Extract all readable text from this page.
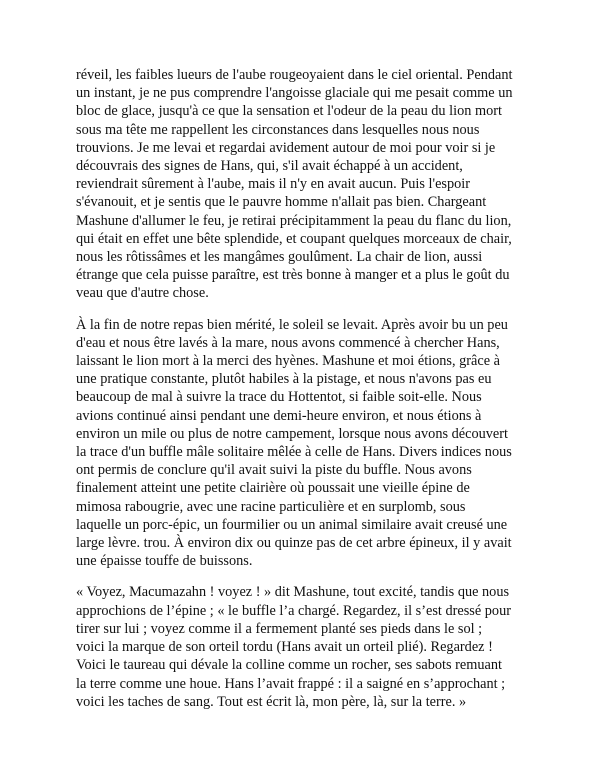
réveil, les faibles lueurs de l'aube rougeoyaient dans le ciel oriental. Pendant
un instant, je ne pus comprendre l'angoisse glaciale qui me pesait comme un
bloc de glace, jusqu'à ce que la sensation et l'odeur de la peau du lion mort
sous ma tête me rappellent les circonstances dans lesquelles nous nous
trouvions. Je me levai et regardai avidement autour de moi pour voir si je
découvrais des signes de Hans, qui, s'il avait échappé à un accident,
reviendrait sûrement à l'aube, mais il n'y en avait aucun. Puis l'espoir
s'évanouit, et je sentis que le pauvre homme n'allait pas bien. Chargeant
Mashune d'allumer le feu, je retirai précipitamment la peau du flanc du lion,
qui était en effet une bête splendide, et coupant quelques morceaux de chair,
nous les rôtissâmes et les mangâmes goulûment. La chair de lion, aussi
étrange que cela puisse paraître, est très bonne à manger et a plus le goût du
veau que d'autre chose.

À la fin de notre repas bien mérité, le soleil se levait. Après avoir bu un peu
d'eau et nous être lavés à la mare, nous avons commencé à chercher Hans,
laissant le lion mort à la merci des hyènes. Mashune et moi étions, grâce à
une pratique constante, plutôt habiles à la pistage, et nous n'avons pas eu
beaucoup de mal à suivre la trace du Hottentot, si faible soit-elle. Nous
avions continué ainsi pendant une demi-heure environ, et nous étions à
environ un mile ou plus de notre campement, lorsque nous avons découvert
la trace d'un buffle mâle solitaire mêlée à celle de Hans. Divers indices nous
ont permis de conclure qu'il avait suivi la piste du buffle. Nous avons
finalement atteint une petite clairière où poussait une vieille épine de
mimosa rabougrie, avec une racine particulière et en surplomb, sous
laquelle un porc-épic, un fourmilier ou un animal similaire avait creusé une
large lèvre. trou. À environ dix ou quinze pas de cet arbre épineux, il y avait
une épaisse touffe de buissons.

« Voyez, Macumazahn ! voyez ! » dit Mashune, tout excité, tandis que nous
approchions de l’épine ; « le buffle l’a chargé. Regardez, il s’est dressé pour
tirer sur lui ; voyez comme il a fermement planté ses pieds dans le sol ;
voici la marque de son orteil tordu (Hans avait un orteil plié). Regardez !
Voici le taureau qui dévale la colline comme un rocher, ses sabots remuant
la terre comme une houe. Hans l’avait frappé : il a saigné en s’approchant ;
voici les taches de sang. Tout est écrit là, mon père, là, sur la terre. »
